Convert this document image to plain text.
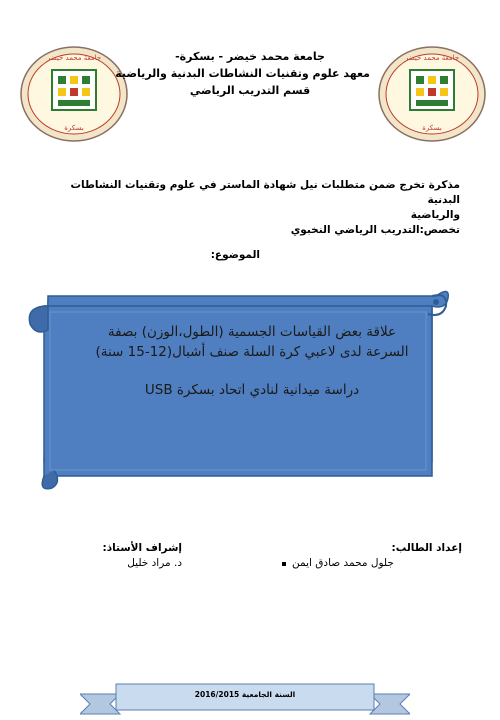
جامعة محمد خيضر
بسكرة
جامعة محمد خيضر - بسكرة-
معهد علوم وتقنيات النشاطات البدنية والرياضية
قسم التدريب الرياضي
جامعة محمد خيضر
بسكرة
مذكرة تخرج ضمن متطلبات نيل شهادة الماستر في علوم وتقنيات النشاطات البدنية
والرياضية
تخصص:التدريب الرياضي النخبوي
الموضوع:
علاقة بعض القياسات الجسمية (الطول،الوزن) بصفة
السرعة لدى لاعبي كرة السلة صنف أشبال(12-15 سنة)
دراسة ميدانية لنادي اتحاد بسكرة USB
إعداد الطالب:
جلول محمد صادق ايمن
إشراف الأستاذ:
د. مراد خليل
السنة الجامعية 2016/2015
